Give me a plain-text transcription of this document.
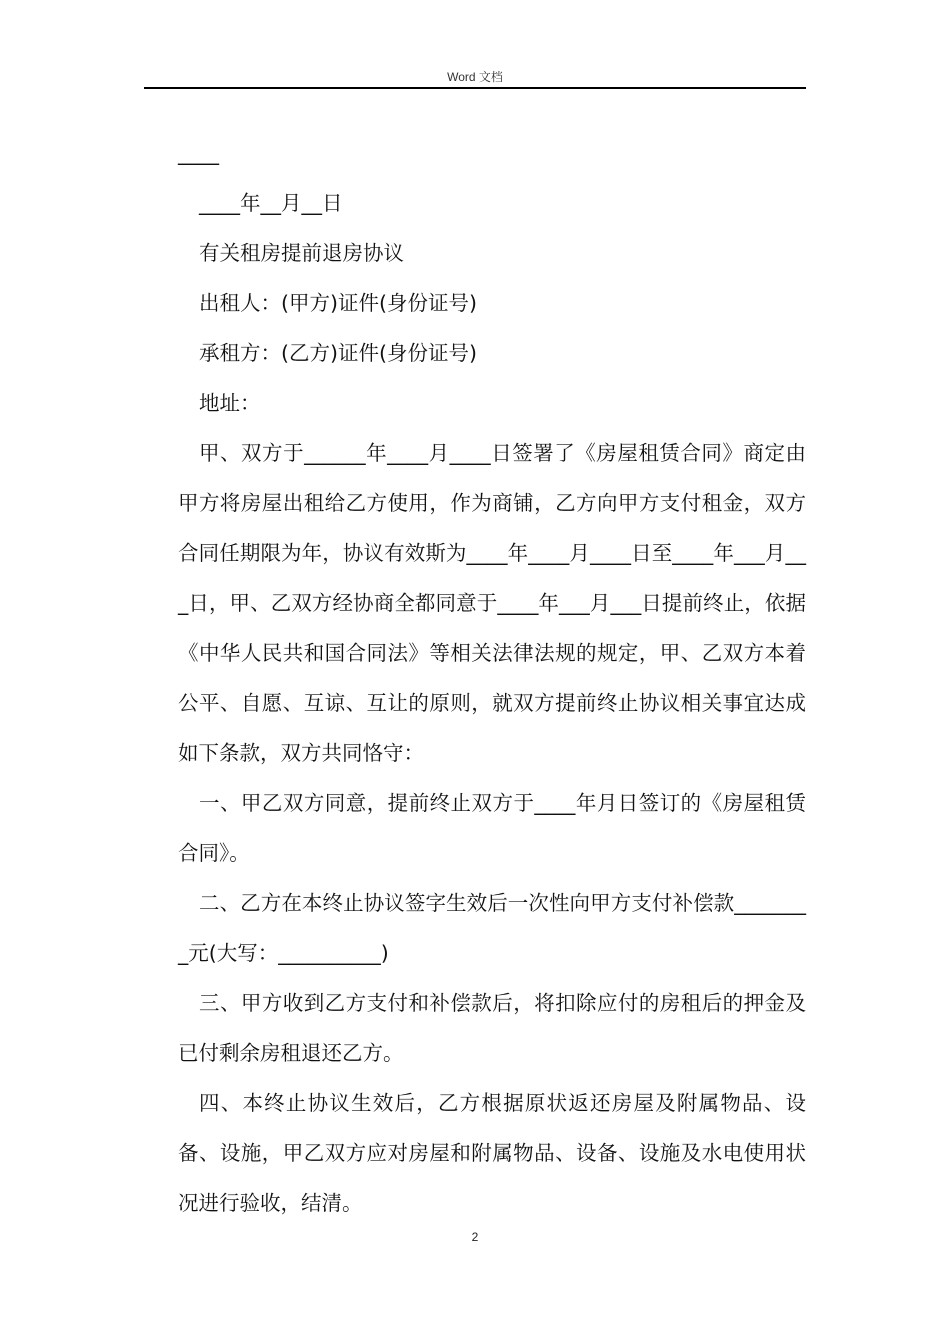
Word 文档

____

____年__月__日

有关租房提前退房协议

出租人：(甲方)证件(身份证号)

承租方：(乙方)证件(身份证号)

地址：

甲、双方于______年____月____日签署了《房屋租赁合同》商定由甲方将房屋出租给乙方使用，作为商铺，乙方向甲方支付租金，双方合同任期限为年，协议有效斯为____年____月____日至____年___月___日，甲、乙双方经协商全都同意于____年___月___日提前终止，依据《中华人民共和国合同法》等相关法律法规的规定，甲、乙双方本着公平、自愿、互谅、互让的原则，就双方提前终止协议相关事宜达成如下条款，双方共同恪守：

一、甲乙双方同意，提前终止双方于____年月日签订的《房屋租赁合同》。

二、乙方在本终止协议签字生效后一次性向甲方支付补偿款________元(大写：__________)

三、甲方收到乙方支付和补偿款后，将扣除应付的房租后的押金及已付剩余房租退还乙方。

四、本终止协议生效后，乙方根据原状返还房屋及附属物品、设备、设施，甲乙双方应对房屋和附属物品、设备、设施及水电使用状况进行验收，结清。

2
